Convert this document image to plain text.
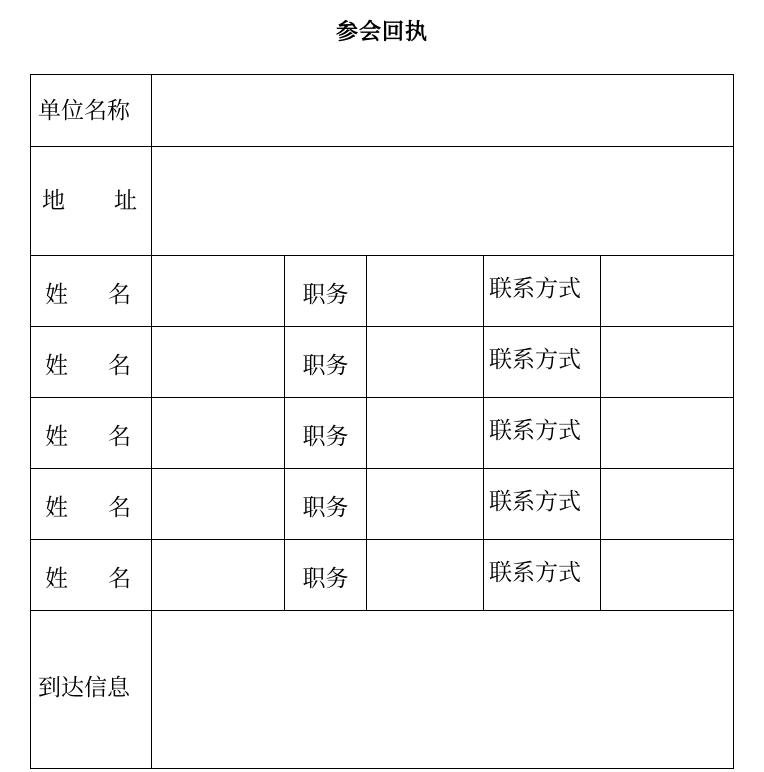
参会回执
单位名称					

地 址					

姓 名		职务		联系方式	

姓 名		职务		联系方式	

姓 名		职务		联系方式	

姓 名		职务		联系方式	

姓 名		职务		联系方式	
到达信息					
